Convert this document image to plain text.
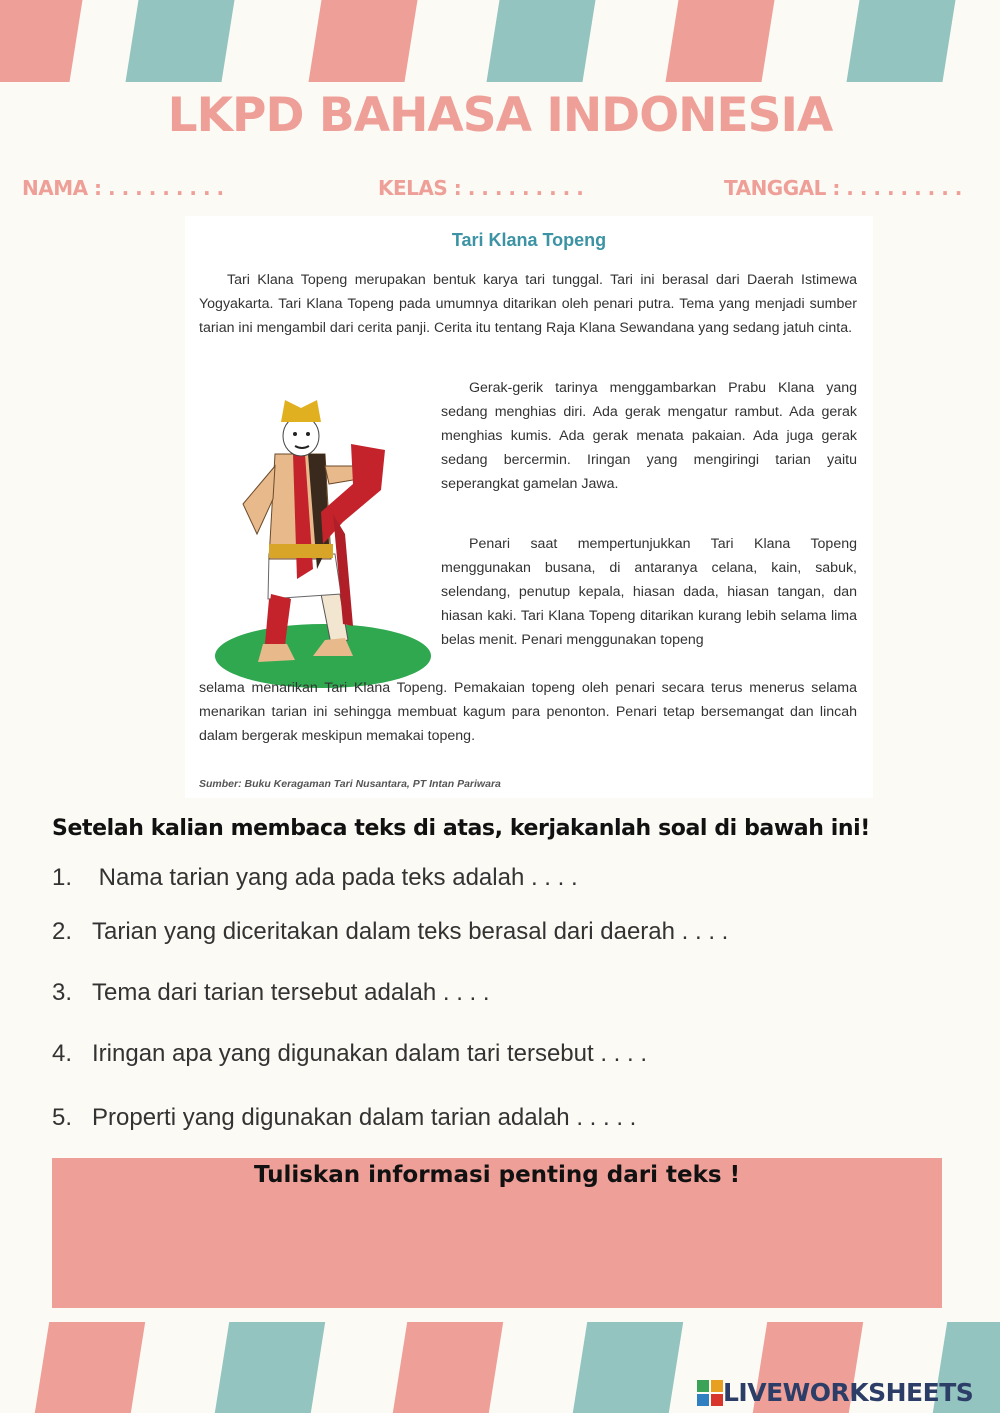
LKPD BAHASA INDONESIA
NAMA : . . . . . . . . .	KELAS : . . . . . . . . .	TANGGAL : . . . . . . . . .
Tari Klana Topeng

Tari Klana Topeng merupakan bentuk karya tari tunggal. Tari ini berasal dari Daerah Istimewa Yogyakarta. Tari Klana Topeng pada umumnya ditarikan oleh penari putra. Tema yang menjadi sumber tarian ini mengambil dari cerita panji. Cerita itu tentang Raja Klana Sewandana yang sedang jatuh cinta.

Gerak-gerik tarinya menggambarkan Prabu Klana yang sedang menghias diri. Ada gerak mengatur rambut. Ada gerak menghias kumis. Ada gerak menata pakaian. Ada juga gerak sedang bercermin. Iringan yang mengiringi tarian yaitu seperangkat gamelan Jawa.

Penari saat mempertunjukkan Tari Klana Topeng menggunakan busana, di antaranya celana, kain, sabuk, selendang, penutup kepala, hiasan dada, hiasan tangan, dan hiasan kaki. Tari Klana Topeng ditarikan kurang lebih selama lima belas menit. Penari menggunakan topeng

selama menarikan Tari Klana Topeng. Pemakaian topeng oleh penari secara terus menerus selama menarikan tarian ini sehingga membuat kagum para penonton. Penari tetap bersemangat dan lincah dalam bergerak meskipun memakai topeng.

Sumber: Buku Keragaman Tari Nusantara, PT Intan Pariwara
Setelah kalian membaca teks di atas, kerjakanlah soal di bawah ini!
1. Nama tarian yang ada pada teks adalah . . . .
2. Tarian yang diceritakan dalam teks berasal dari daerah . . . .
3. Tema dari tarian tersebut adalah . . . .
4. Iringan apa yang digunakan dalam tari tersebut . . . .
5. Properti yang digunakan dalam tarian adalah . . . . .
Tuliskan informasi penting dari teks !
LIVEWORKSHEETS
